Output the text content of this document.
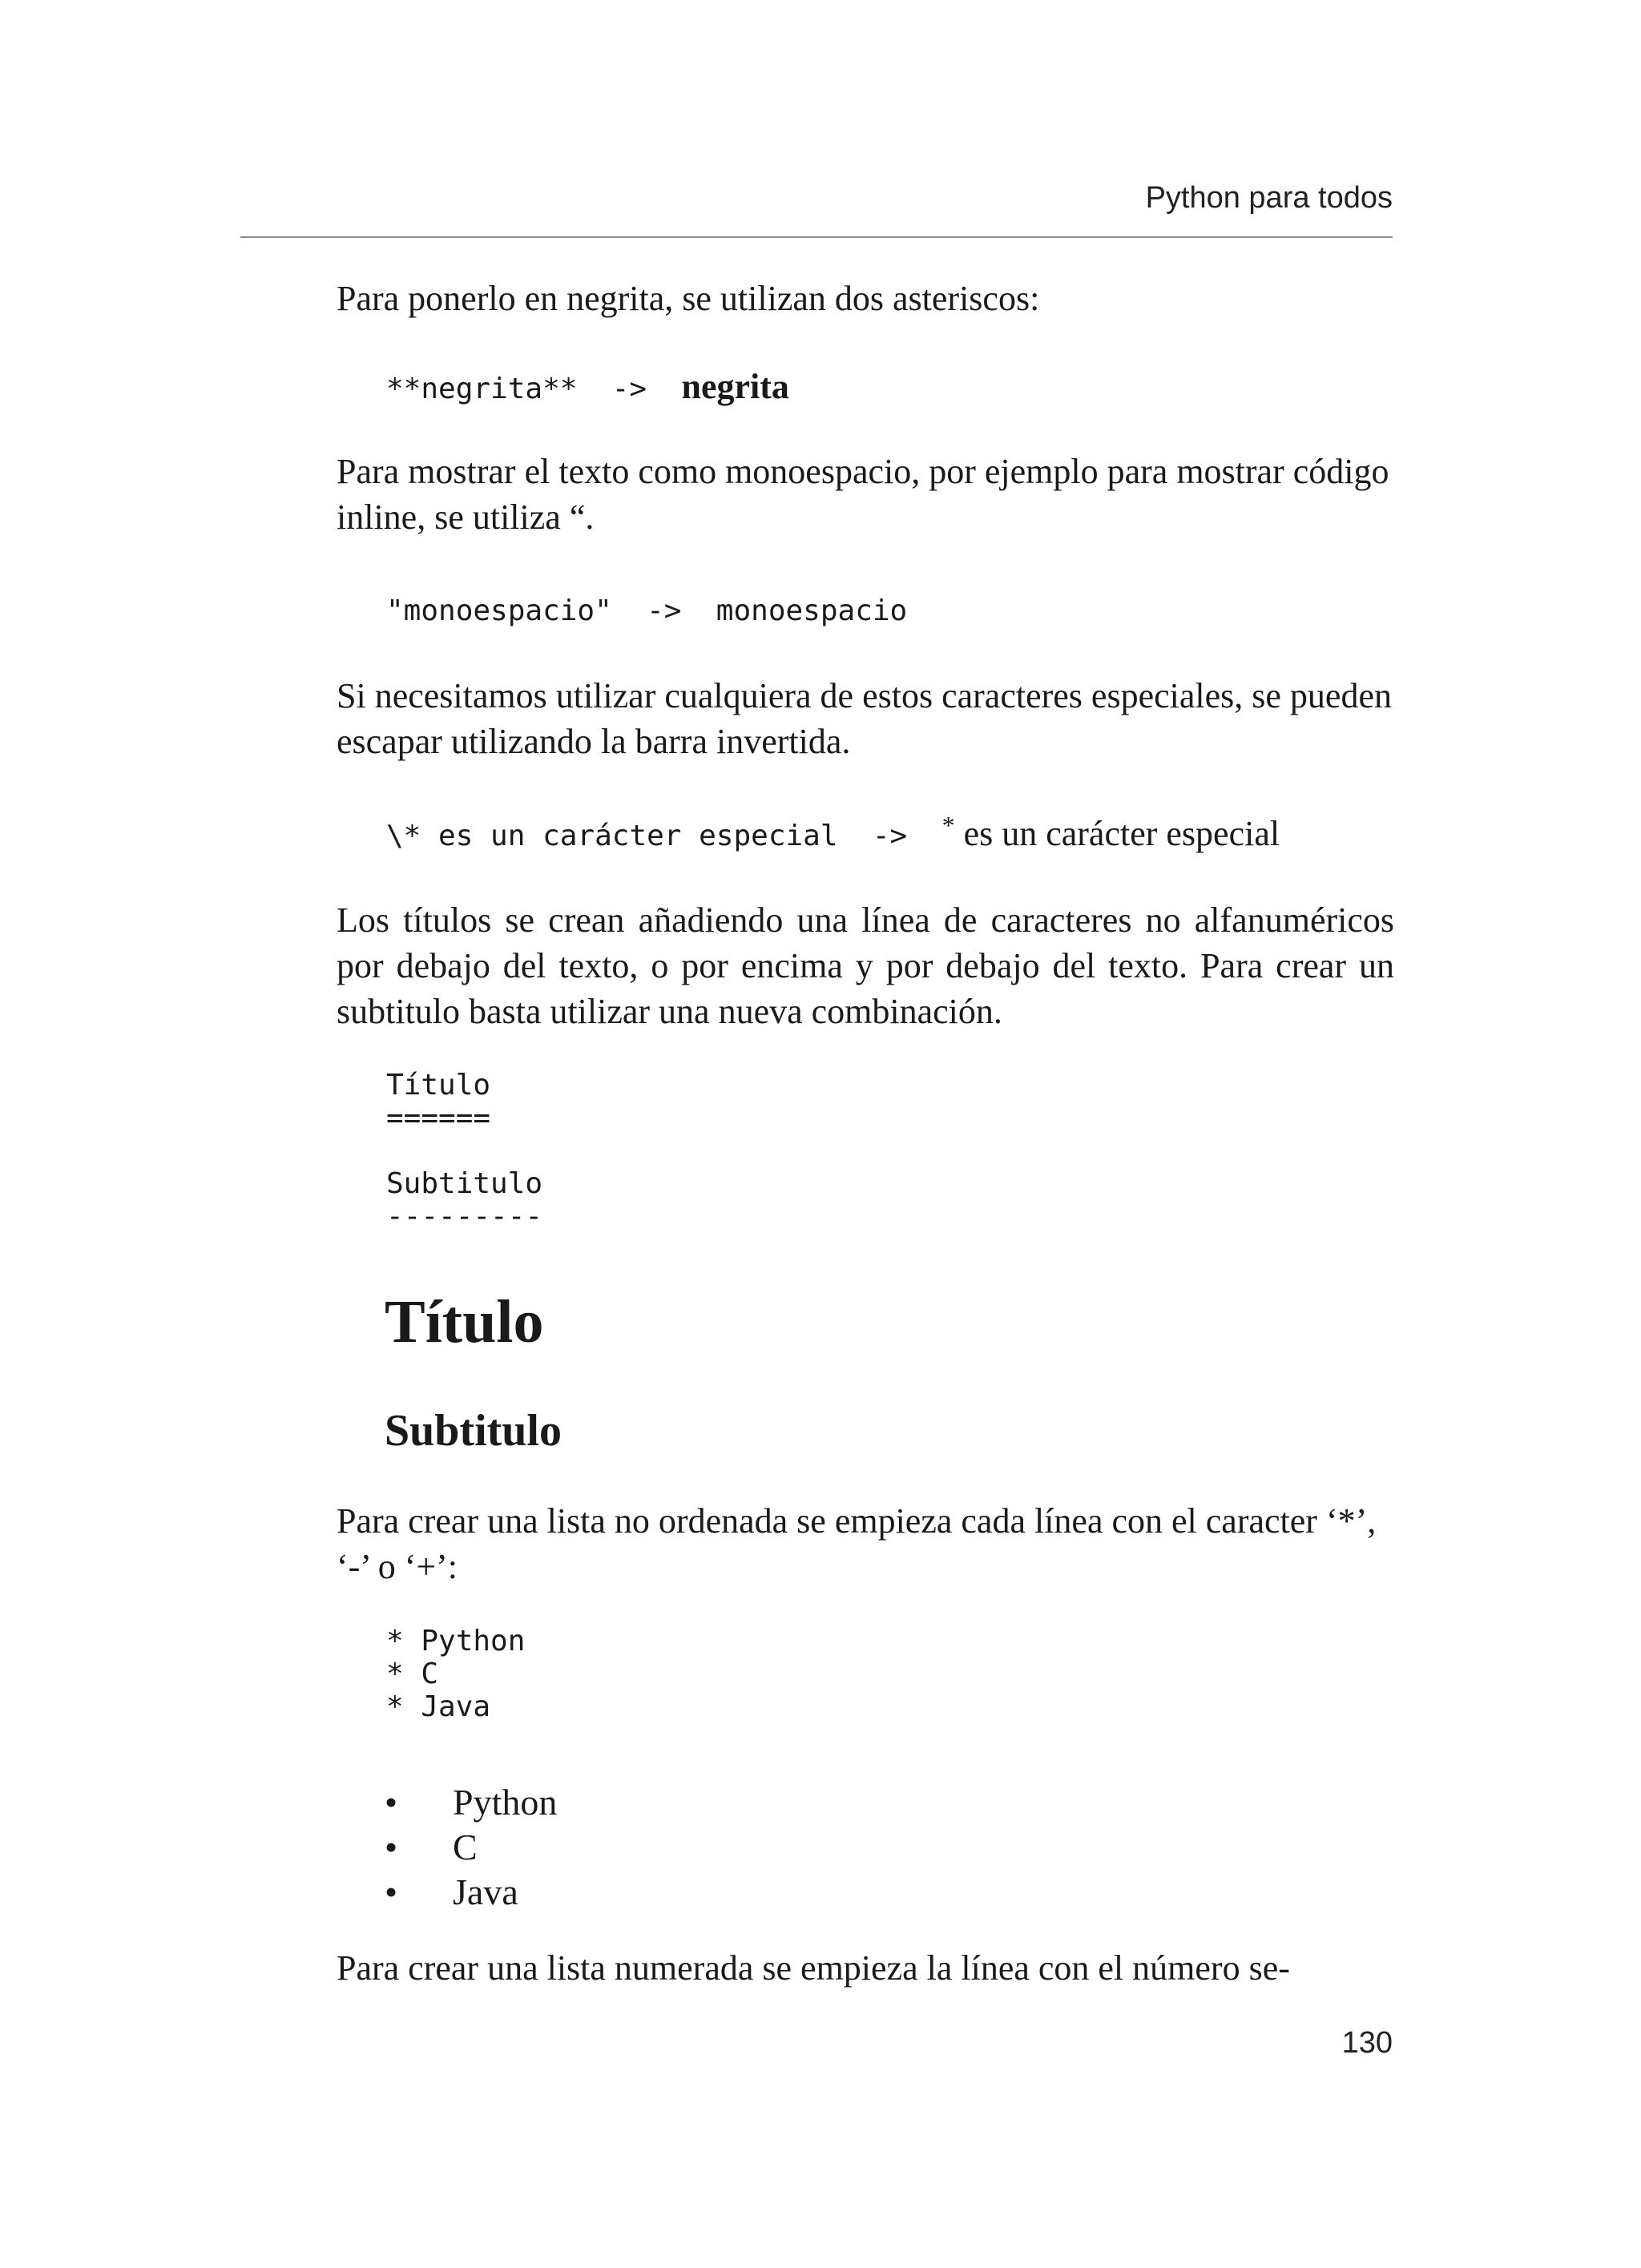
Python para todos

Para ponerlo en negrita, se utilizan dos asteriscos:

**negrita**  ->  negrita

Para mostrar el texto como monoespacio, por ejemplo para mostrar código inline, se utiliza “.

"monoespacio"  ->  monoespacio

Si necesitamos utilizar cualquiera de estos caracteres especiales, se pueden escapar utilizando la barra invertida.

\* es un carácter especial  ->  * es un carácter especial

Los títulos se crean añadiendo una línea de caracteres no alfanuméricos por debajo del texto, o por encima y por debajo del texto. Para crear un subtitulo basta utilizar una nueva combinación.

Título
======

Subtitulo
---------
Título
Subtitulo

Para crear una lista no ordenada se empieza cada línea con el caracter ‘*’, ‘-’ o ‘+’:

* Python
* C
* Java
• Python
• C
• Java

Para crear una lista numerada se empieza la línea con el número se-

130
